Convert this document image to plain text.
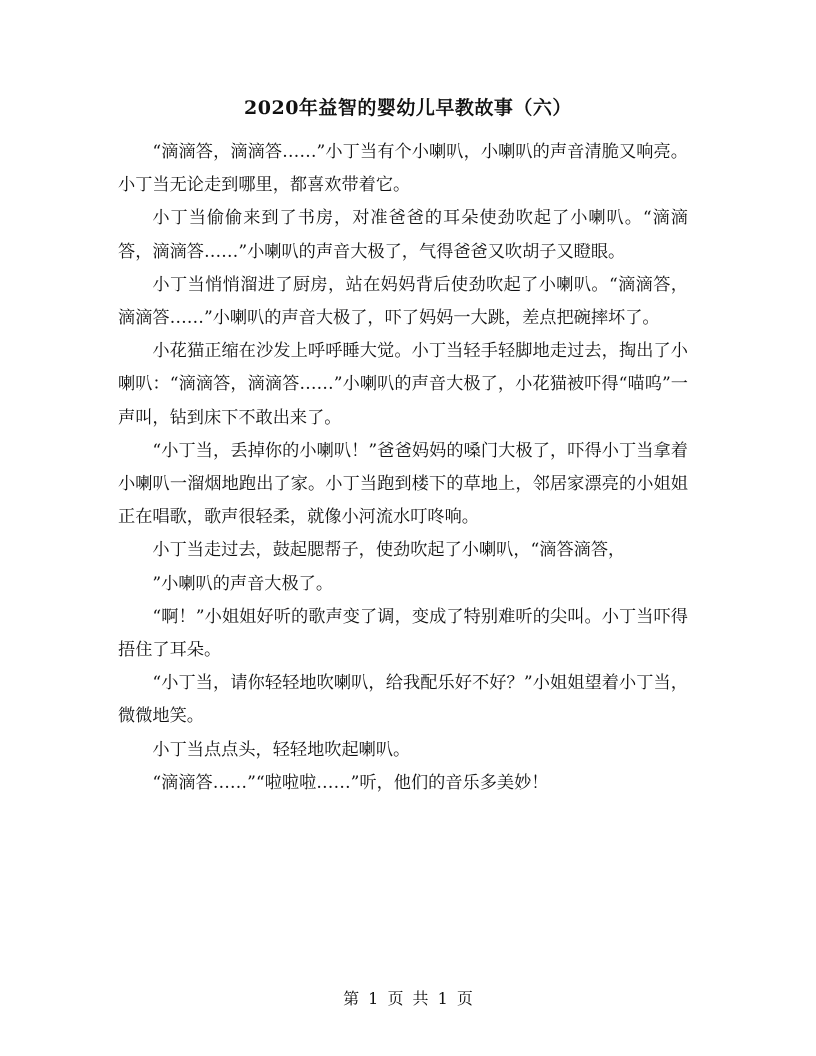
2020年益智的婴幼儿早教故事（六）

“滴滴答，滴滴答……”小丁当有个小喇叭，小喇叭的声音清脆又响亮。小丁当无论走到哪里，都喜欢带着它。

小丁当偷偷来到了书房，对准爸爸的耳朵使劲吹起了小喇叭。“滴滴答，滴滴答……”小喇叭的声音大极了，气得爸爸又吹胡子又瞪眼。

小丁当悄悄溜进了厨房，站在妈妈背后使劲吹起了小喇叭。“滴滴答，滴滴答……”小喇叭的声音大极了，吓了妈妈一大跳，差点把碗摔坏了。

小花猫正缩在沙发上呼呼睡大觉。小丁当轻手轻脚地走过去，掏出了小喇叭：“滴滴答，滴滴答……”小喇叭的声音大极了，小花猫被吓得“喵呜”一声叫，钻到床下不敢出来了。

“小丁当，丢掉你的小喇叭！”爸爸妈妈的嗓门大极了，吓得小丁当拿着小喇叭一溜烟地跑出了家。小丁当跑到楼下的草地上，邻居家漂亮的小姐姐正在唱歌，歌声很轻柔，就像小河流水叮咚响。

小丁当走过去，鼓起腮帮子，使劲吹起了小喇叭，“滴答滴答，

”小喇叭的声音大极了。

“啊！”小姐姐好听的歌声变了调，变成了特别难听的尖叫。小丁当吓得捂住了耳朵。

“小丁当，请你轻轻地吹喇叭，给我配乐好不好？”小姐姐望着小丁当，微微地笑。

小丁当点点头，轻轻地吹起喇叭。

“滴滴答……”“啦啦啦……”听，他们的音乐多美妙！

第 1 页 共 1 页
